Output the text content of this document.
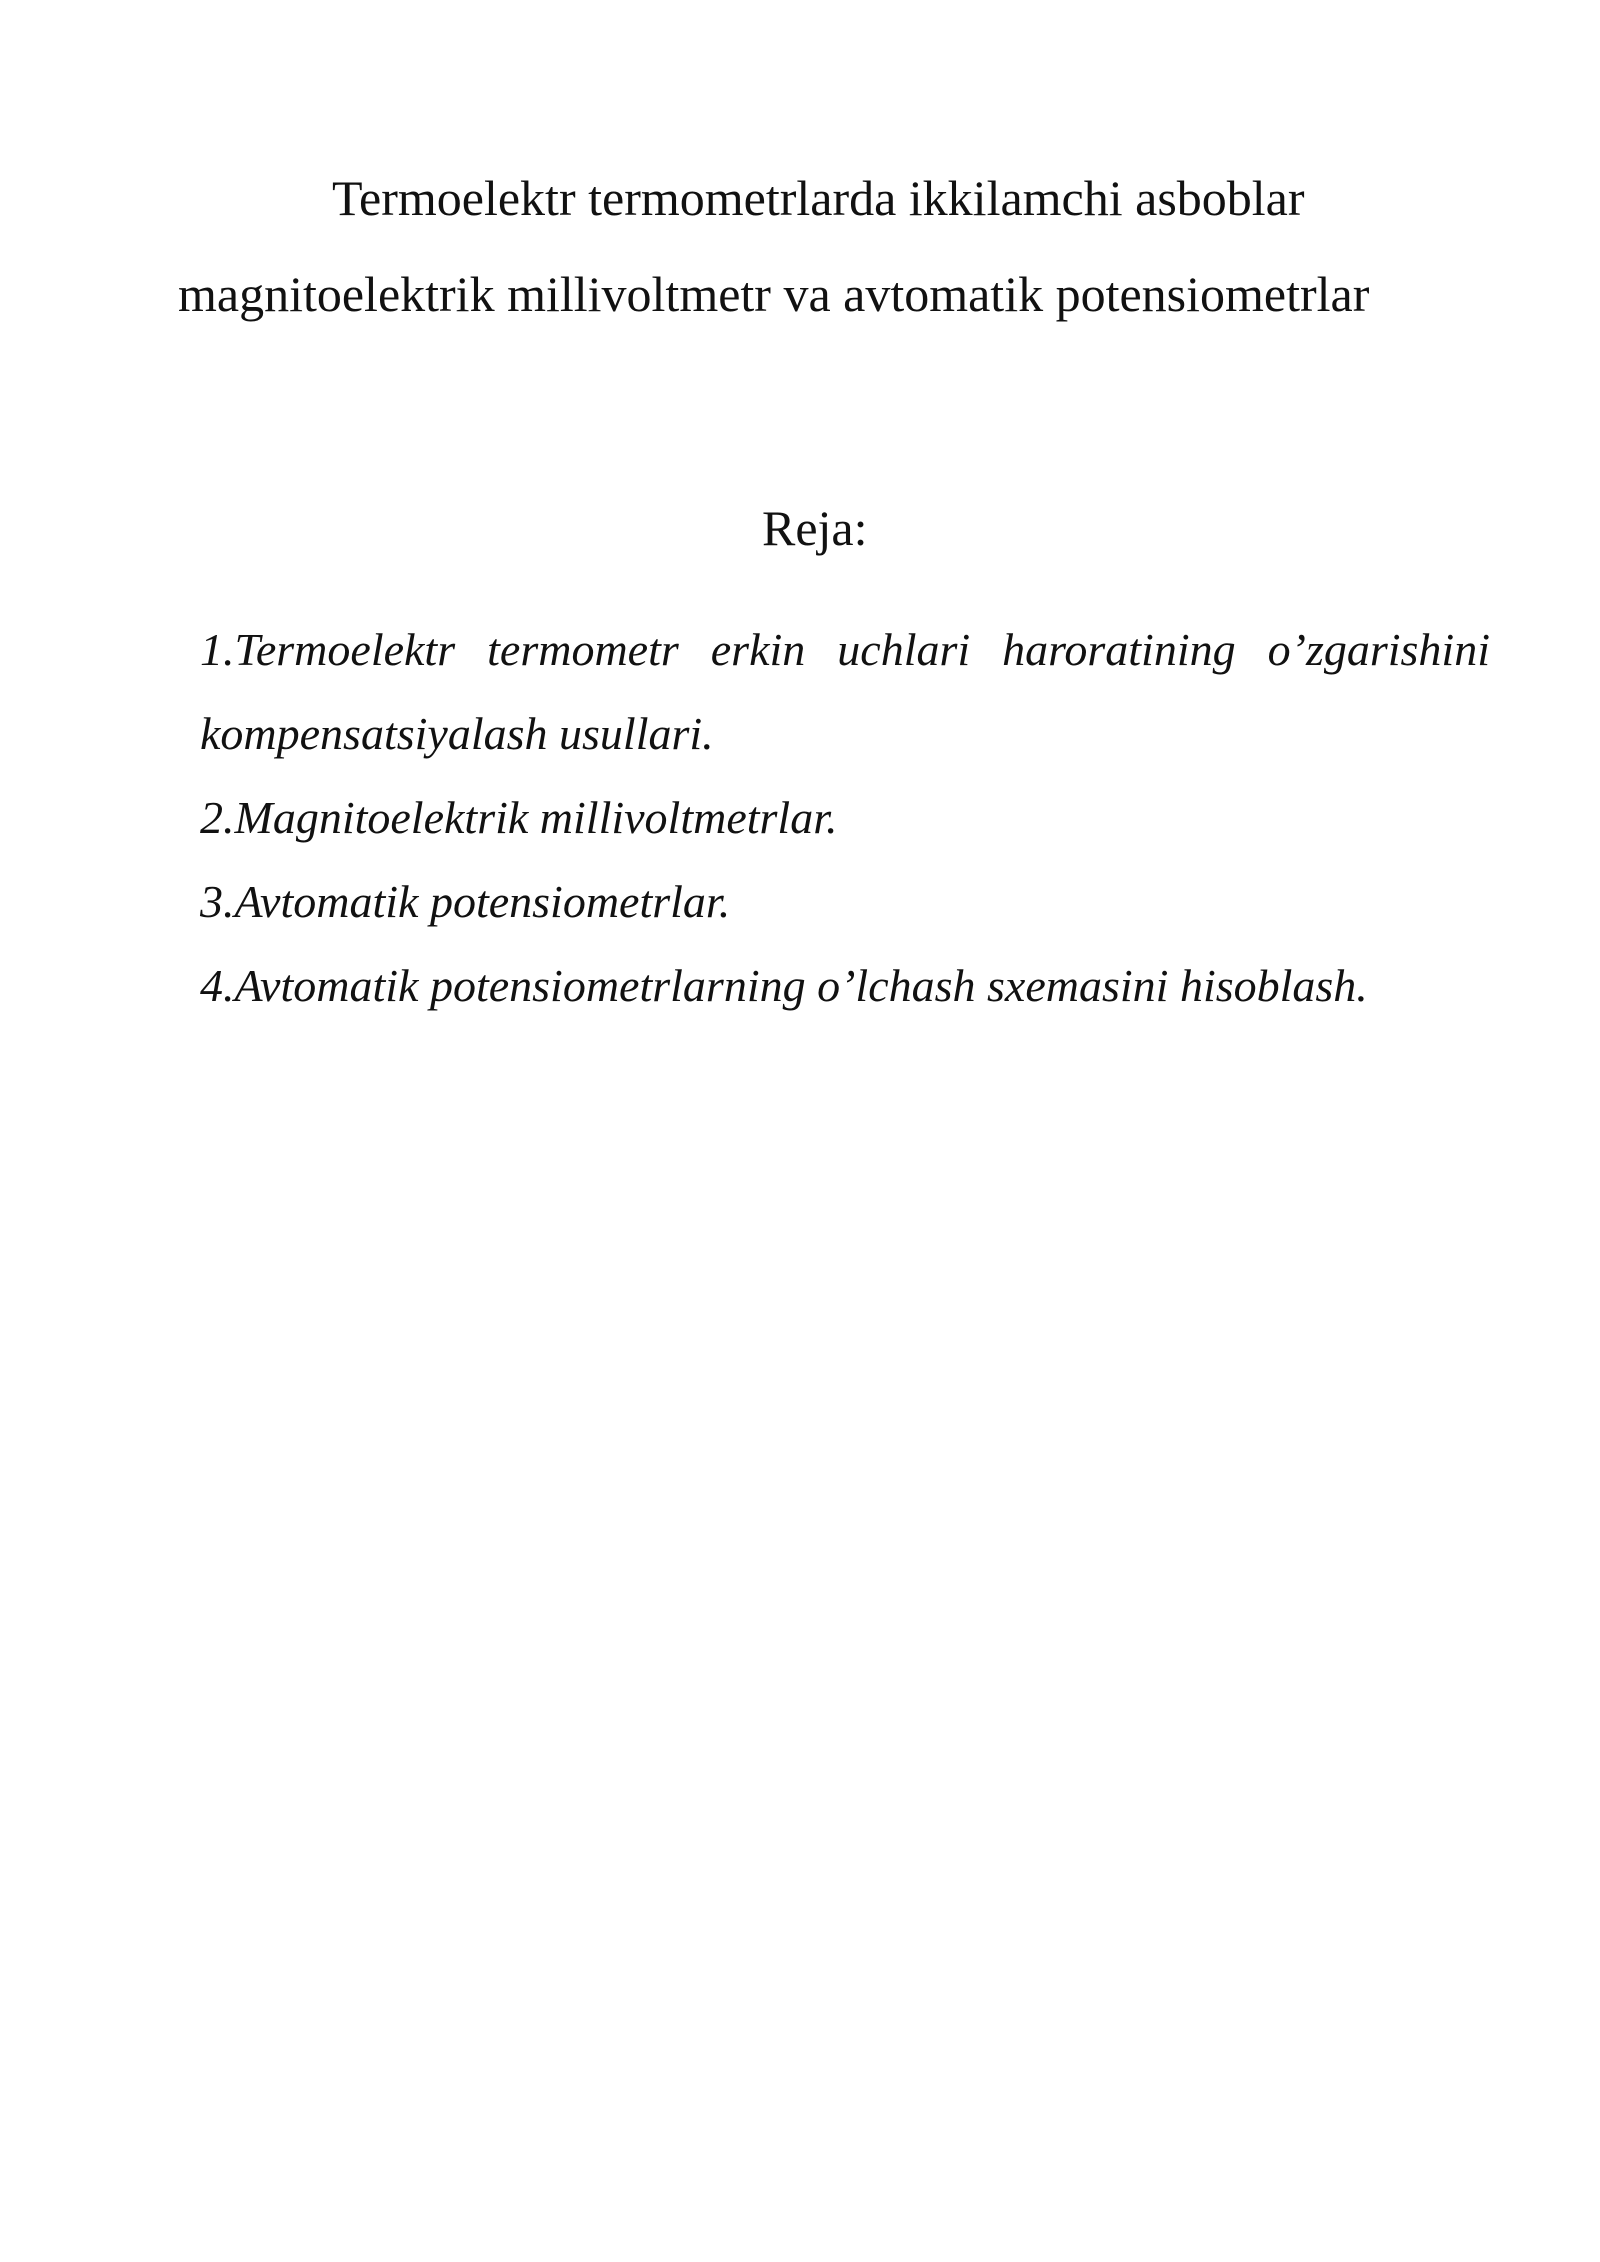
Termoelektr termometrlarda ikkilamchi asboblar
magnitoelektrik millivoltmetr va avtomatik potensiometrlar
Reja:
1.Termoelektr termometr erkin uchlari haroratining o’zgarishini
kompensatsiyalash usullari.
2.Magnitoelektrik millivoltmetrlar.
3.Avtomatik potensiometrlar.
4.Avtomatik potensiometrlarning o’lchash sxemasini hisoblash.
